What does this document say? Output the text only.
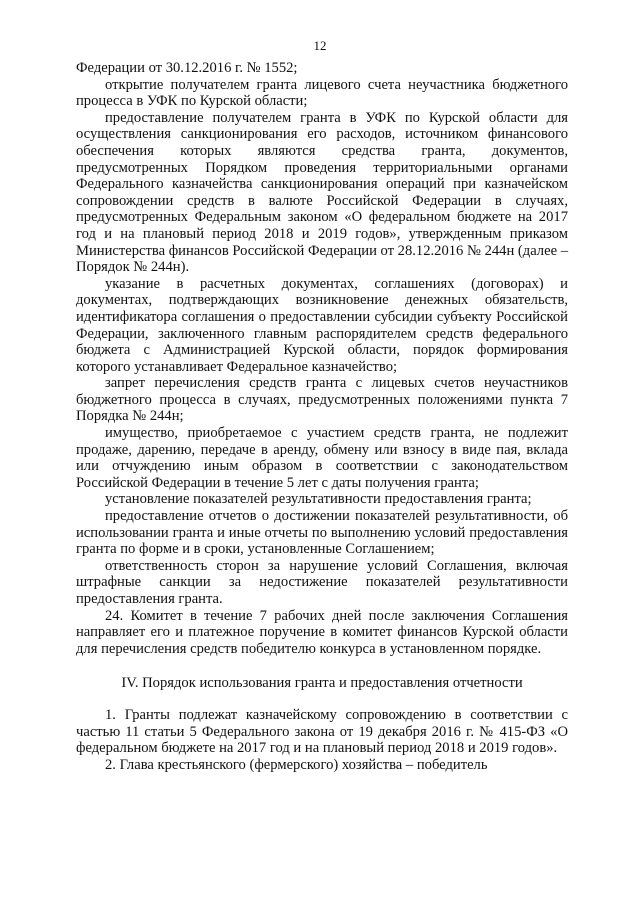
12

Федерации от 30.12.2016 г. № 1552;

открытие получателем гранта лицевого счета неучастника бюджетного процесса в УФК по Курской области;

предоставление получателем гранта в УФК по Курской области для осуществления санкционирования его расходов, источником финансового обеспечения которых являются средства гранта, документов, предусмотренных Порядком проведения территориальными органами Федерального казначейства санкционирования операций при казначейском сопровождении средств в валюте Российской Федерации в случаях, предусмотренных Федеральным законом «О федеральном бюджете на 2017 год и на плановый период 2018 и 2019 годов», утвержденным приказом Министерства финансов Российской Федерации от 28.12.2016 № 244н (далее – Порядок № 244н).

указание в расчетных документах, соглашениях (договорах) и документах, подтверждающих возникновение денежных обязательств, идентификатора соглашения о предоставлении субсидии субъекту Российской Федерации, заключенного главным распорядителем средств федерального бюджета с Администрацией Курской области, порядок формирования которого устанавливает Федеральное казначейство;

запрет перечисления средств гранта с лицевых счетов неучастников бюджетного процесса в случаях, предусмотренных положениями пункта 7 Порядка № 244н;

имущество, приобретаемое с участием средств гранта, не подлежит продаже, дарению, передаче в аренду, обмену или взносу в виде пая, вклада или отчуждению иным образом в соответствии с законодательством Российской Федерации в течение 5 лет с даты получения гранта;

установление показателей результативности предоставления гранта;

предоставление отчетов о достижении показателей результативности, об использовании гранта и иные отчеты по выполнению условий предоставления гранта по форме и в сроки, установленные Соглашением;

ответственность сторон за нарушение условий Соглашения, включая штрафные санкции за недостижение показателей результативности предоставления гранта.

24. Комитет в течение 7 рабочих дней после заключения Соглашения направляет его и платежное поручение в комитет финансов Курской области для перечисления средств победителю конкурса в установленном порядке.

IV. Порядок использования гранта и предоставления отчетности

1. Гранты подлежат казначейскому сопровождению в соответствии с частью 11 статьи 5 Федерального закона от 19 декабря 2016 г. № 415-ФЗ «О федеральном бюджете на 2017 год и на плановый период 2018 и 2019 годов».

2. Глава крестьянского (фермерского) хозяйства – победитель
